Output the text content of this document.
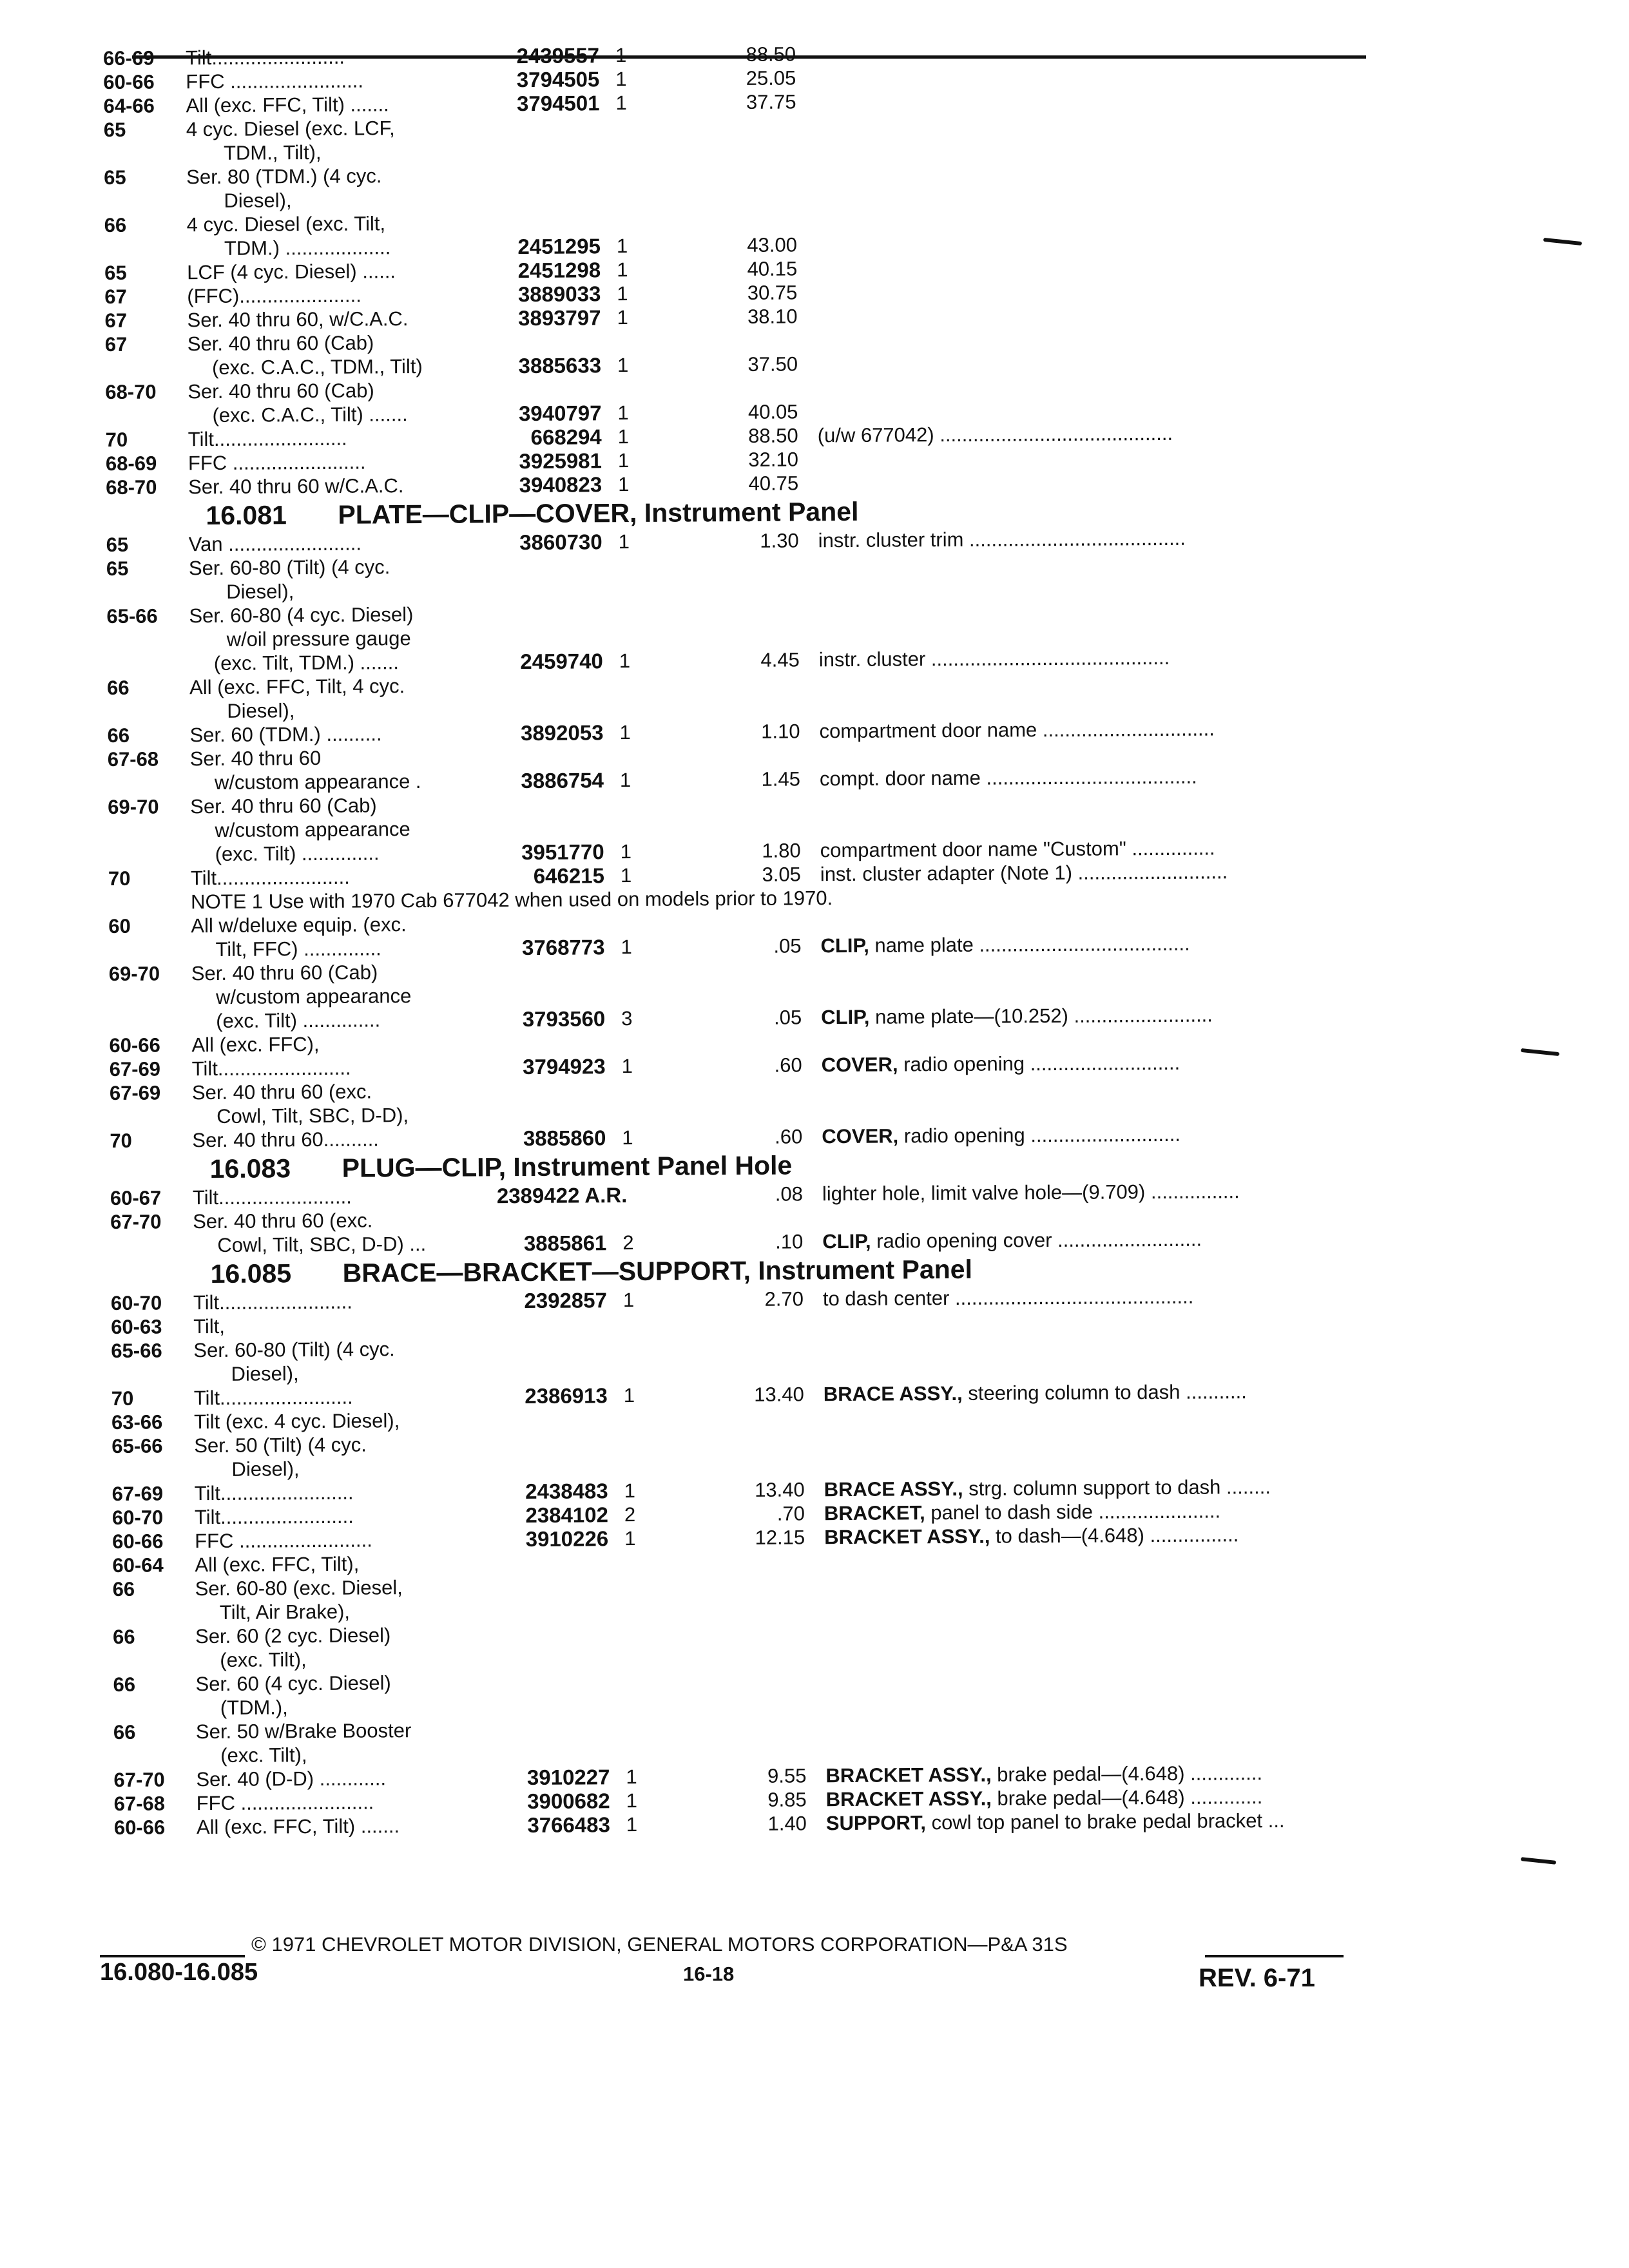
66-69	Tilt........................	2439557 1	88.50
60-66	FFC ........................	3794505 1	25.05
64-66	All (exc. FFC, Tilt) .......	3794501 1	37.75
65	4 cyc. Diesel (exc. LCF,
TDM., Tilt),
65	Ser. 80 (TDM.) (4 cyc.
Diesel),
66	4 cyc. Diesel (exc. Tilt,
TDM.) ...................	2451295 1	43.00
65	LCF (4 cyc. Diesel) ......	2451298 1	40.15
67	(FFC)......................	3889033 1	30.75
67	Ser. 40 thru 60, w/C.A.C.	3893797 1	38.10
67	Ser. 40 thru 60 (Cab)
(exc. C.A.C., TDM., Tilt)	3885633 1	37.50
68-70	Ser. 40 thru 60 (Cab)
(exc. C.A.C., Tilt) .......	3940797 1	40.05
70	Tilt........................	668294 1	88.50 (u/w 677042) ..........................................
68-69	FFC ........................	3925981 1	32.10
68-70	Ser. 40 thru 60 w/C.A.C.	3940823 1	40.75
16.081 PLATE—CLIP—COVER, Instrument Panel
65	Van ........................	3860730 1	1.30 instr. cluster trim .......................................
65	Ser. 60-80 (Tilt) (4 cyc.
Diesel),
65-66	Ser. 60-80 (4 cyc. Diesel)
w/oil pressure gauge
(exc. Tilt, TDM.) .......	2459740 1	4.45 instr. cluster ...........................................
66	All (exc. FFC, Tilt, 4 cyc.
Diesel),
66	Ser. 60 (TDM.) ..........	3892053 1	1.10 compartment door name ...............................
67-68	Ser. 40 thru 60
w/custom appearance .	3886754 1	1.45 compt. door name ......................................
69-70	Ser. 40 thru 60 (Cab)
w/custom appearance
(exc. Tilt) ..............	3951770 1	1.80 compartment door name "Custom" ...............
70	Tilt........................	646215 1	3.05 inst. cluster adapter (Note 1) ...........................
NOTE 1 Use with 1970 Cab 677042 when used on models prior to 1970.
60	All w/deluxe equip. (exc.
Tilt, FFC) ..............	3768773 1	.05 CLIP, name plate ......................................
69-70	Ser. 40 thru 60 (Cab)
w/custom appearance
(exc. Tilt) ..............	3793560 3	.05 CLIP, name plate—(10.252) .........................
60-66	All (exc. FFC),
67-69	Tilt........................	3794923 1	.60 COVER, radio opening ...........................
67-69	Ser. 40 thru 60 (exc.
Cowl, Tilt, SBC, D-D),
70	Ser. 40 thru 60..........	3885860 1	.60 COVER, radio opening ...........................
16.083 PLUG—CLIP, Instrument Panel Hole
60-67	Tilt........................	2389422 A.R.	.08 lighter hole, limit valve hole—(9.709) ................
67-70	Ser. 40 thru 60 (exc.
Cowl, Tilt, SBC, D-D) ...	3885861 2	.10 CLIP, radio opening cover ..........................
16.085 BRACE—BRACKET—SUPPORT, Instrument Panel
60-70	Tilt........................	2392857 1	2.70 to dash center ...........................................
60-63	Tilt,
65-66	Ser. 60-80 (Tilt) (4 cyc.
Diesel),
70	Tilt........................	2386913 1	13.40 BRACE ASSY., steering column to dash ...........
63-66	Tilt (exc. 4 cyc. Diesel),
65-66	Ser. 50 (Tilt) (4 cyc.
Diesel),
67-69	Tilt........................	2438483 1	13.40 BRACE ASSY., strg. column support to dash ........
60-70	Tilt........................	2384102 2	.70 BRACKET, panel to dash side ......................
60-66	FFC ........................	3910226 1	12.15 BRACKET ASSY., to dash—(4.648) ................
60-64	All (exc. FFC, Tilt),
66	Ser. 60-80 (exc. Diesel,
Tilt, Air Brake),
66	Ser. 60 (2 cyc. Diesel)
(exc. Tilt),
66	Ser. 60 (4 cyc. Diesel)
(TDM.),
66	Ser. 50 w/Brake Booster
(exc. Tilt),
67-70	Ser. 40 (D-D) ............	3910227 1	9.55 BRACKET ASSY., brake pedal—(4.648) .............
67-68	FFC ........................	3900682 1	9.85 BRACKET ASSY., brake pedal—(4.648) .............
60-66	All (exc. FFC, Tilt) .......	3766483 1	1.40 SUPPORT, cowl top panel to brake pedal bracket ...
© 1971 CHEVROLET MOTOR DIVISION, GENERAL MOTORS CORPORATION—P&A 31S
16.080-16.085	16-18	REV. 6-71
